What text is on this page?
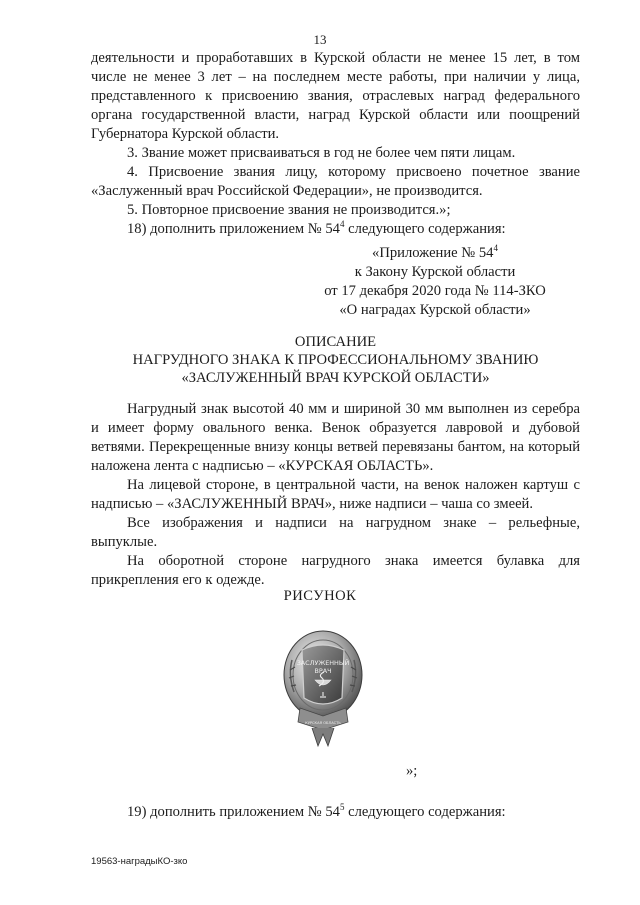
13

деятельности и проработавших в Курской области не менее 15 лет, в том числе не менее 3 лет – на последнем месте работы, при наличии у лица, представленного к присвоению звания, отраслевых наград федерального органа государственной власти, наград Курской области или поощрений Губернатора Курской области.

3. Звание может присваиваться в год не более чем пяти лицам.

4. Присвоение звания лицу, которому присвоено почетное звание «Заслуженный врач Российской Федерации», не производится.

5. Повторное присвоение звания не производится.»;

18) дополнить приложением № $54^4$ следующего содержания:

«Приложение № $54^4$
к Закону Курской области
от 17 декабря 2020 года № 114-ЗКО
«О наградах Курской области»
ОПИСАНИЕ
НАГРУДНОГО ЗНАКА К ПРОФЕССИОНАЛЬНОМУ ЗВАНИЮ
«ЗАСЛУЖЕННЫЙ ВРАЧ КУРСКОЙ ОБЛАСТИ»

Нагрудный знак высотой 40 мм и шириной 30 мм выполнен из серебра и имеет форму овального венка. Венок образуется лавровой и дубовой ветвями. Перекрещенные внизу концы ветвей перевязаны бантом, на который наложена лента с надписью – «КУРСКАЯ ОБЛАСТЬ».

На лицевой стороне, в центральной части, на венок наложен картуш с надписью – «ЗАСЛУЖЕННЫЙ ВРАЧ», ниже надписи – чаша со змеей.

Все изображения и надписи на нагрудном знаке – рельефные, выпуклые.

На оборотной стороне нагрудного знака имеется булавка для прикрепления его к одежде.

РИСУНОК
ЗАСЛУЖЕННЫЙ
ВРАЧ
КУРСКАЯ ОБЛАСТЬ
»;
19) дополнить приложением № $54^5$ следующего содержания:
19563-наградыКО-зко
